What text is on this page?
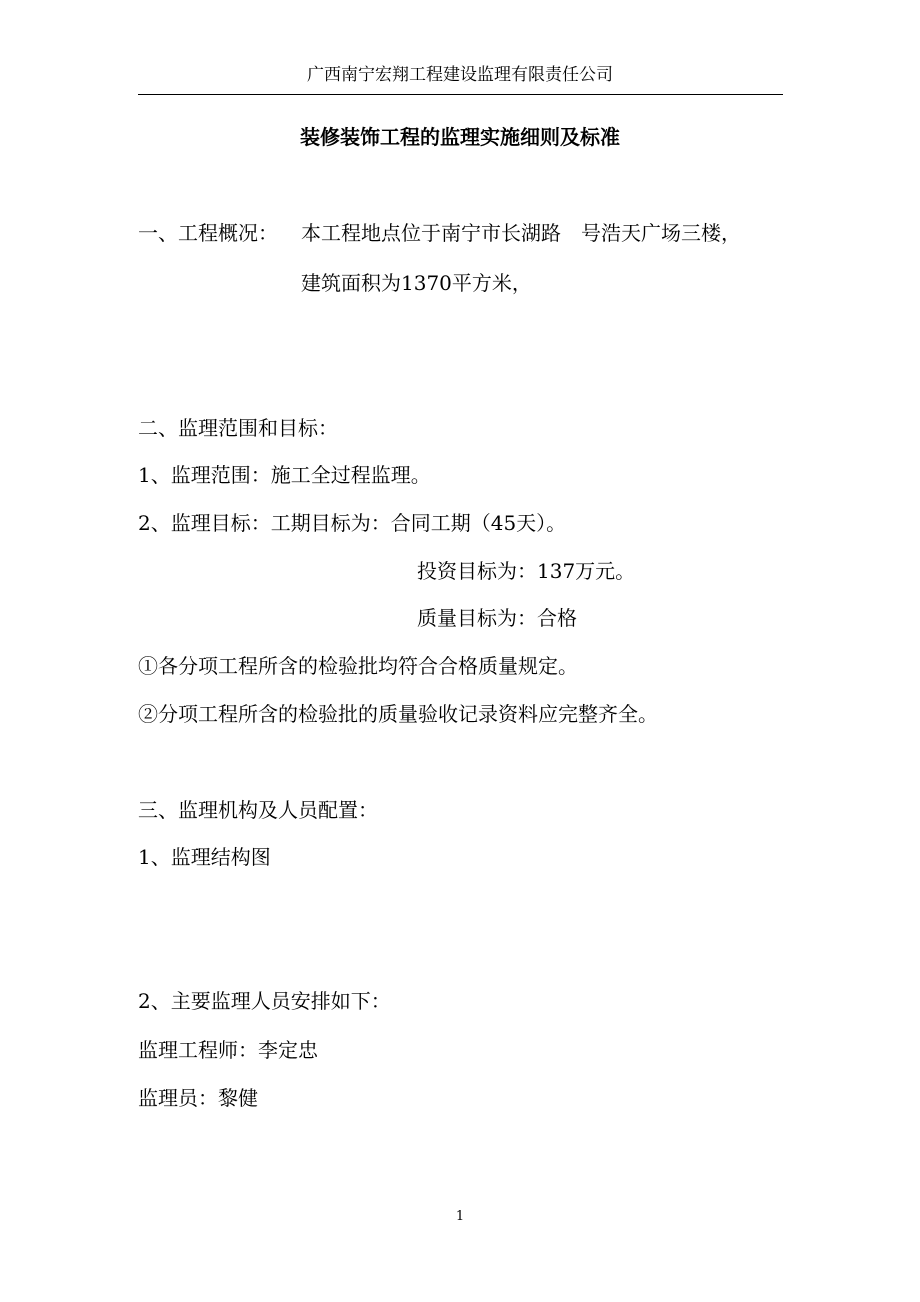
广西南宁宏翔工程建设监理有限责任公司
装修装饰工程的监理实施细则及标准
一、工程概况： 本工程地点位于南宁市长湖路　号浩天广场三楼，
建筑面积为1370平方米，
二、监理范围和目标：
1、监理范围：施工全过程监理。
2、监理目标：工期目标为：合同工期（45天）。
投资目标为：137万元。
质量目标为：合格
①各分项工程所含的检验批均符合合格质量规定。
②分项工程所含的检验批的质量验收记录资料应完整齐全。
三、监理机构及人员配置：
1、监理结构图
2、主要监理人员安排如下：
监理工程师：李定忠
监理员：黎健
1
